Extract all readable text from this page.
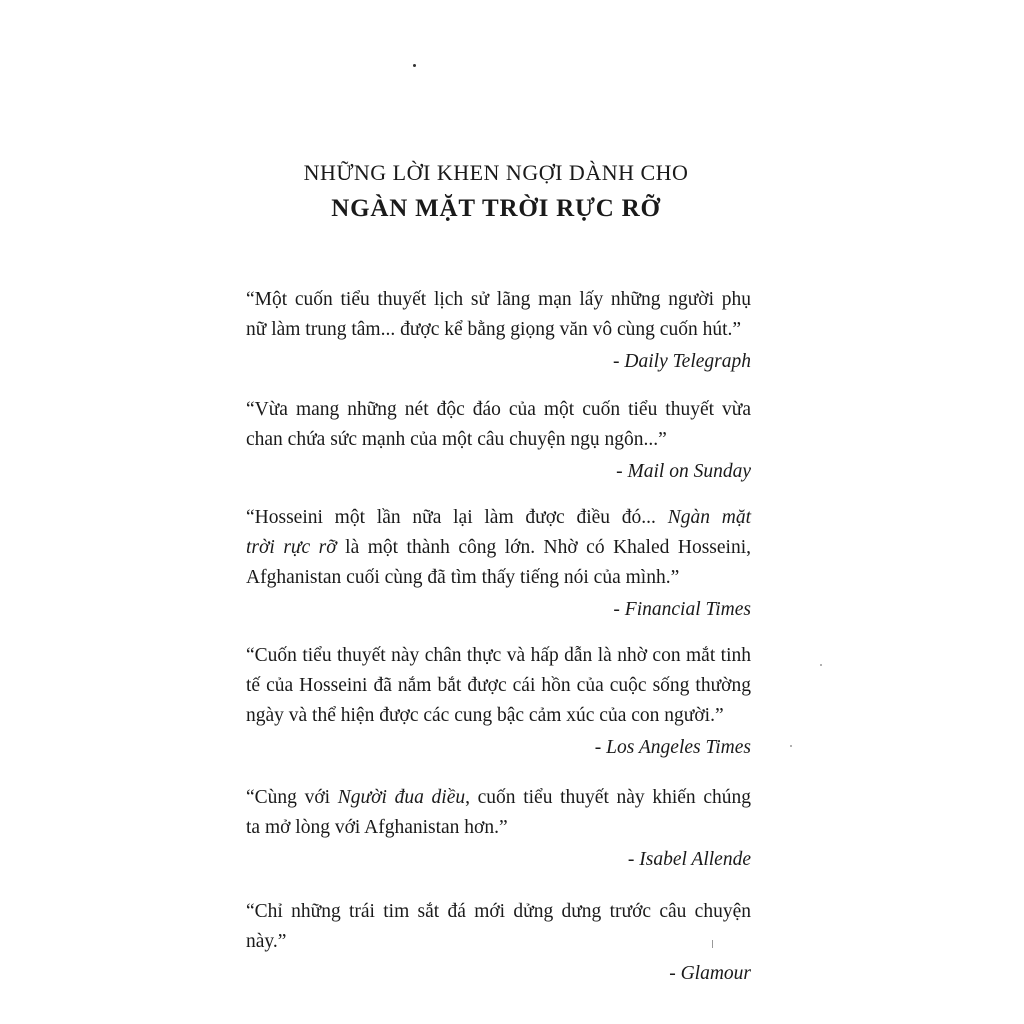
NHỮNG LỜI KHEN NGỢI DÀNH CHO
NGÀN MẶT TRỜI RỰC RỠ
“Một cuốn tiểu thuyết lịch sử lãng mạn lấy những người phụ
nữ làm trung tâm... được kể bằng giọng văn vô cùng cuốn hút.”
- Daily Telegraph
“Vừa mang những nét độc đáo của một cuốn tiểu thuyết vừa
chan chứa sức mạnh của một câu chuyện ngụ ngôn...”
- Mail on Sunday
“Hosseini một lần nữa lại làm được điều đó... Ngàn mặt
trời rực rỡ là một thành công lớn. Nhờ có Khaled Hosseini,
Afghanistan cuối cùng đã tìm thấy tiếng nói của mình.”
- Financial Times
“Cuốn tiểu thuyết này chân thực và hấp dẫn là nhờ con mắt tinh
tế của Hosseini đã nắm bắt được cái hồn của cuộc sống thường
ngày và thể hiện được các cung bậc cảm xúc của con người.”
- Los Angeles Times
“Cùng với Người đua diều, cuốn tiểu thuyết này khiến chúng
ta mở lòng với Afghanistan hơn.”
- Isabel Allende
“Chỉ những trái tim sắt đá mới dửng dưng trước câu chuyện
này.”
- Glamour
